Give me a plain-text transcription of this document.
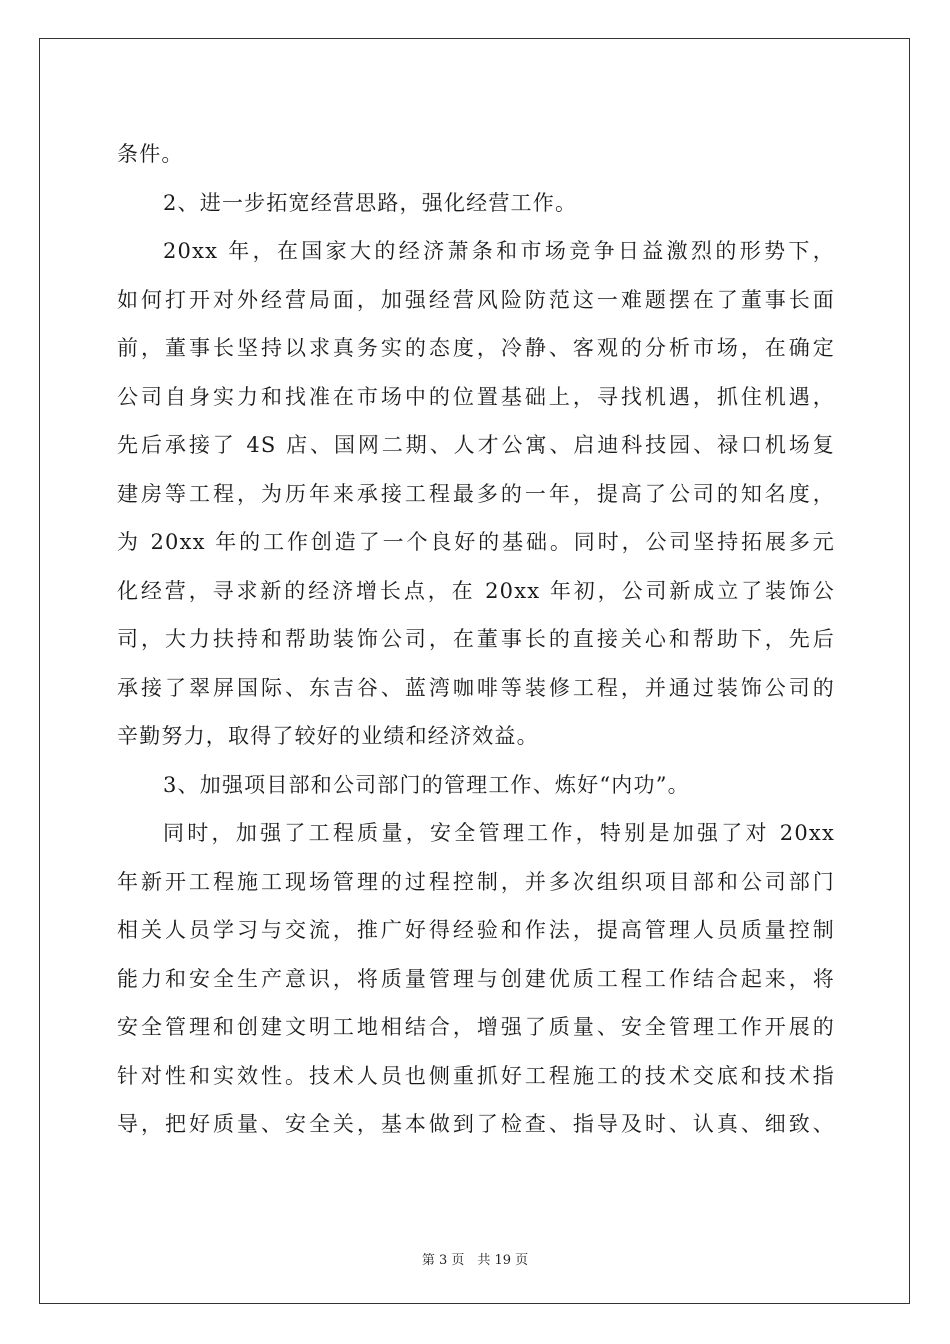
条件。
2、进一步拓宽经营思路，强化经营工作。
20xx 年，在国家大的经济萧条和市场竞争日益激烈的形势下，
如何打开对外经营局面，加强经营风险防范这一难题摆在了董事长面
前，董事长坚持以求真务实的态度，冷静、客观的分析市场，在确定
公司自身实力和找准在市场中的位置基础上，寻找机遇，抓住机遇，
先后承接了 4S 店、国网二期、人才公寓、启迪科技园、禄口机场复
建房等工程，为历年来承接工程最多的一年，提高了公司的知名度，
为 20xx 年的工作创造了一个良好的基础。同时，公司坚持拓展多元
化经营，寻求新的经济增长点，在 20xx 年初，公司新成立了装饰公
司，大力扶持和帮助装饰公司，在董事长的直接关心和帮助下，先后
承接了翠屏国际、东吉谷、蓝湾咖啡等装修工程，并通过装饰公司的
辛勤努力，取得了较好的业绩和经济效益。
3、加强项目部和公司部门的管理工作、炼好“内功”。
同时，加强了工程质量，安全管理工作，特别是加强了对 20xx
年新开工程施工现场管理的过程控制，并多次组织项目部和公司部门
相关人员学习与交流，推广好得经验和作法，提高管理人员质量控制
能力和安全生产意识，将质量管理与创建优质工程工作结合起来，将
安全管理和创建文明工地相结合，增强了质量、安全管理工作开展的
针对性和实效性。技术人员也侧重抓好工程施工的技术交底和技术指
导，把好质量、安全关，基本做到了检查、指导及时、认真、细致、
第 3 页　共 19 页
